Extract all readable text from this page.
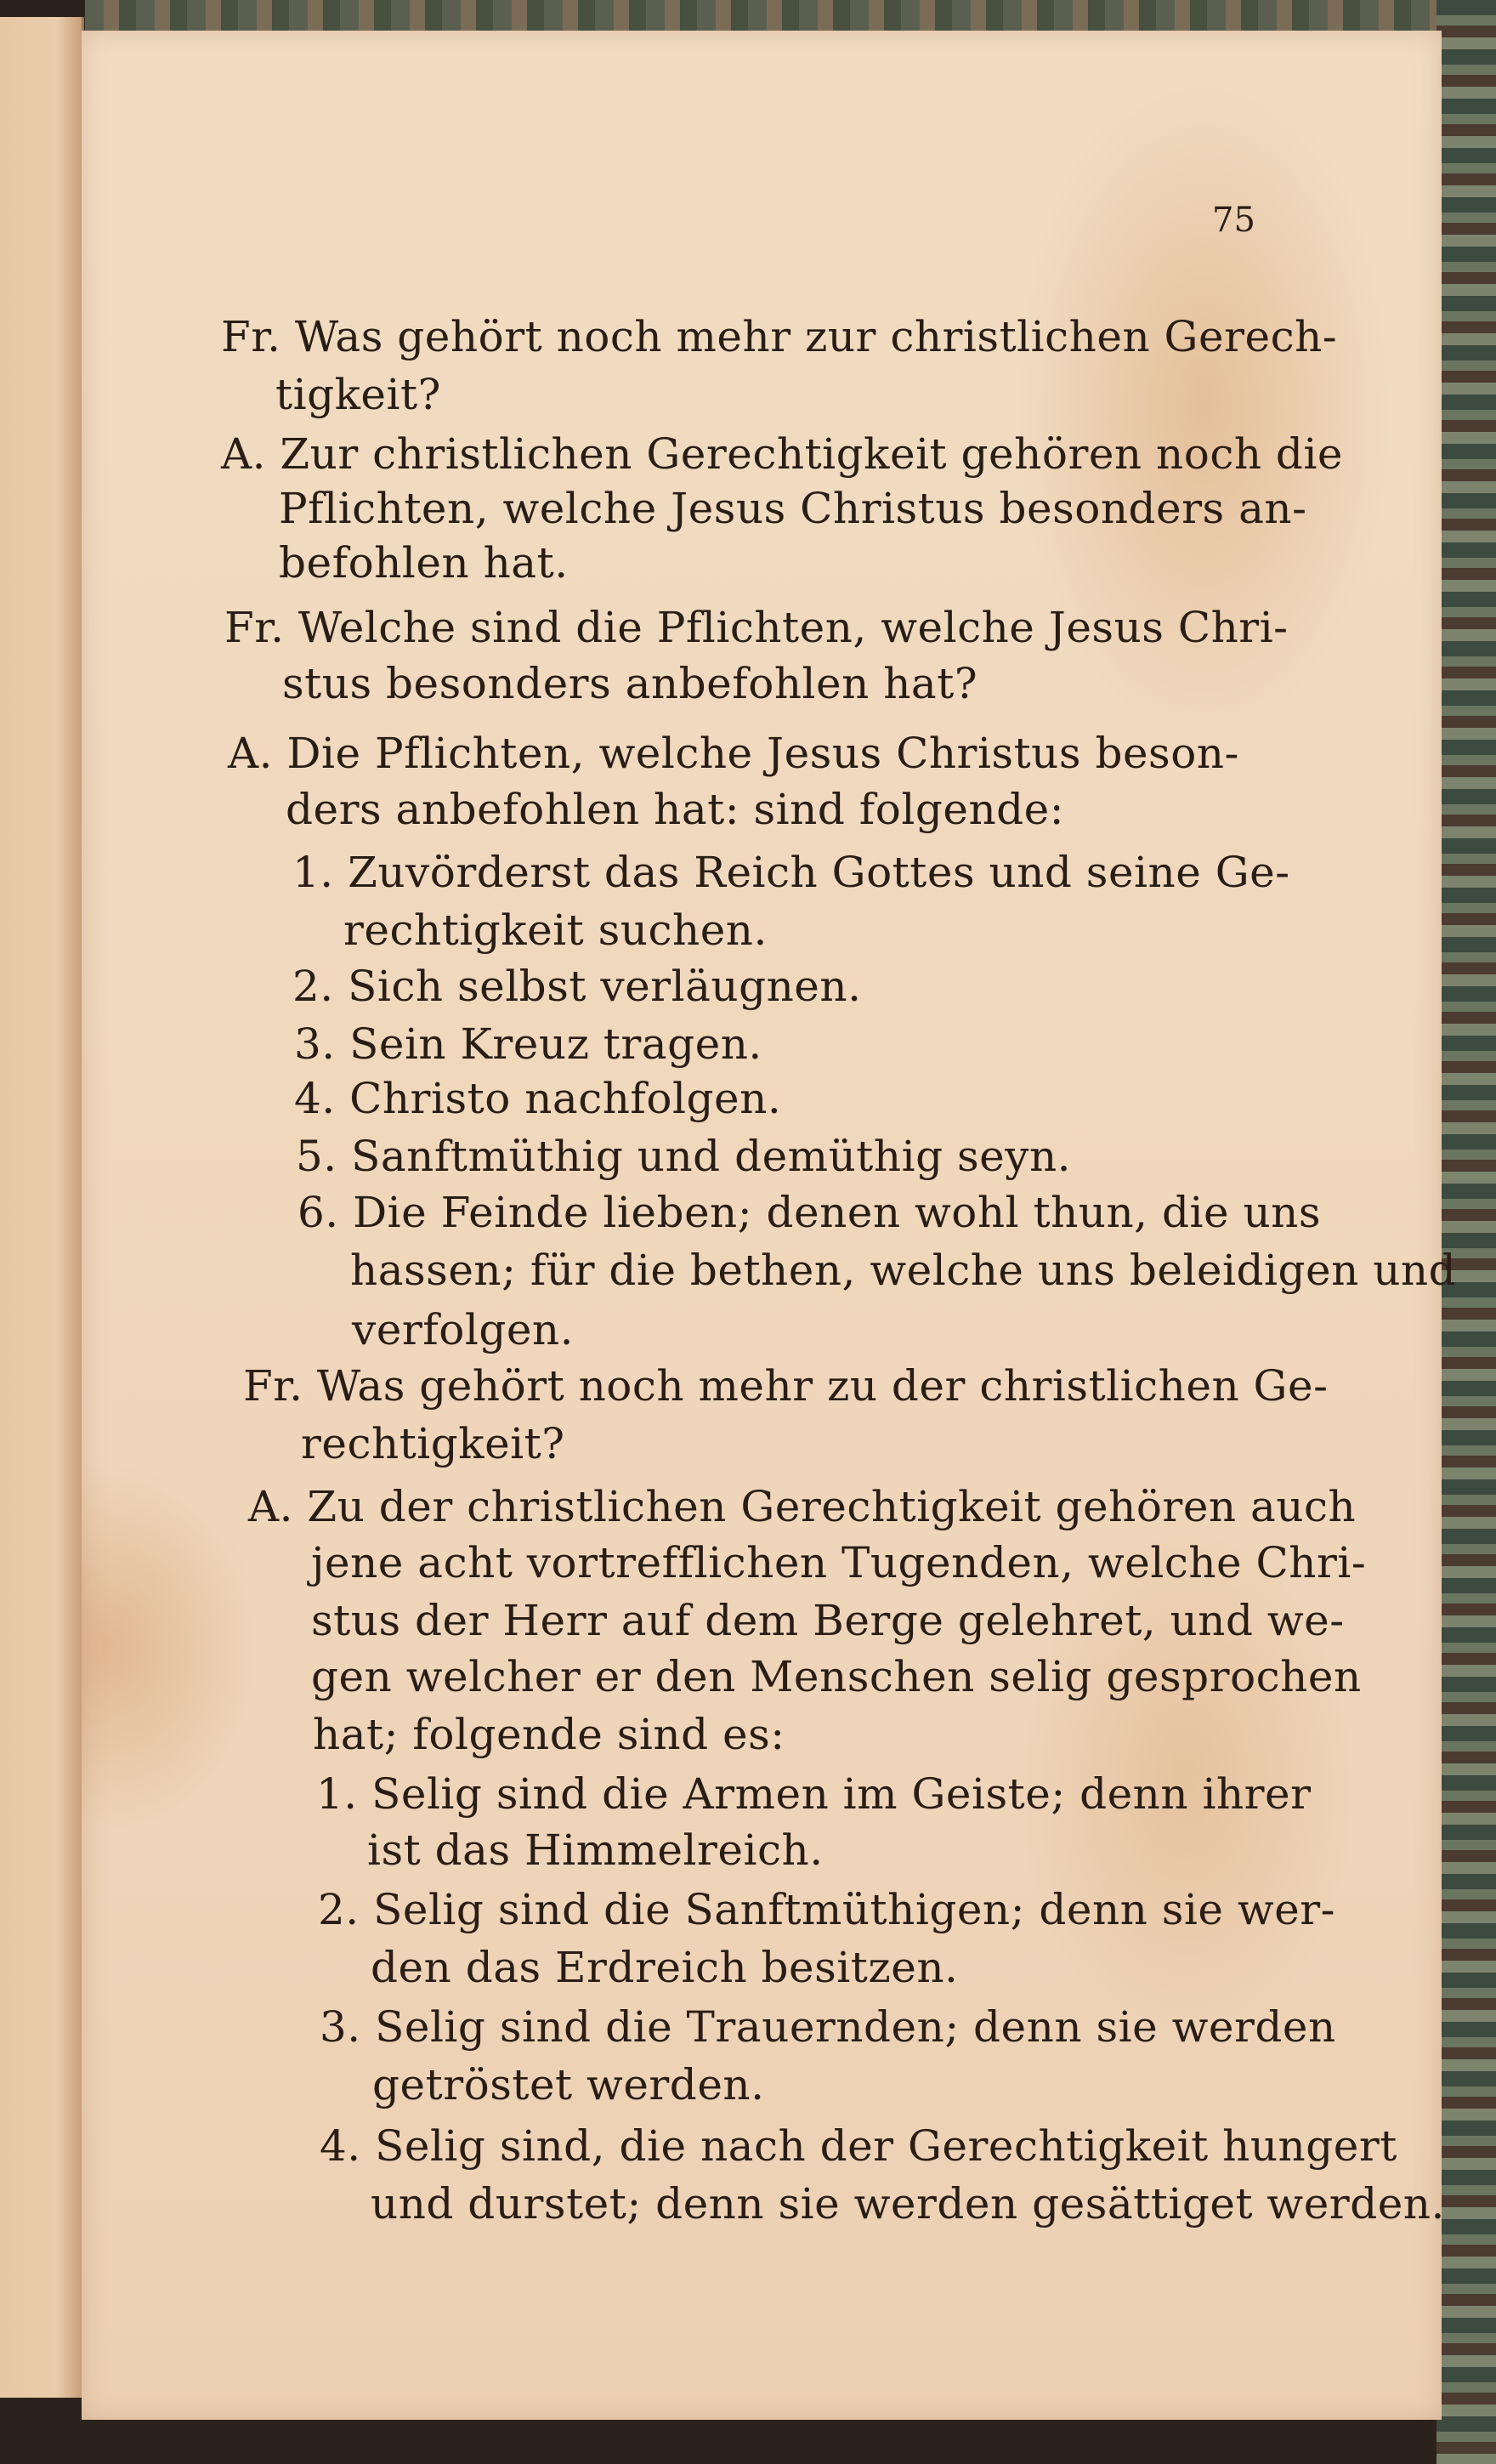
75
Fr. Was gehört noch mehr zur christlichen Gerech-
tigkeit?
A. Zur christlichen Gerechtigkeit gehören noch die
Pflichten, welche Jesus Christus besonders an-
befohlen hat.
Fr. Welche sind die Pflichten, welche Jesus Chri-
stus besonders anbefohlen hat?
A. Die Pflichten, welche Jesus Christus beson-
ders anbefohlen hat: sind folgende:
1. Zuvörderst das Reich Gottes und seine Ge-
rechtigkeit suchen.
2. Sich selbst verläugnen.
3. Sein Kreuz tragen.
4. Christo nachfolgen.
5. Sanftmüthig und demüthig seyn.
6. Die Feinde lieben; denen wohl thun, die uns
hassen; für die bethen, welche uns beleidigen und
verfolgen.
Fr. Was gehört noch mehr zu der christlichen Ge-
rechtigkeit?
A. Zu der christlichen Gerechtigkeit gehören auch
jene acht vortrefflichen Tugenden, welche Chri-
stus der Herr auf dem Berge gelehret, und we-
gen welcher er den Menschen selig gesprochen
hat; folgende sind es:
1. Selig sind die Armen im Geiste; denn ihrer
ist das Himmelreich.
2. Selig sind die Sanftmüthigen; denn sie wer-
den das Erdreich besitzen.
3. Selig sind die Trauernden; denn sie werden
getröstet werden.
4. Selig sind, die nach der Gerechtigkeit hungert
und durstet; denn sie werden gesättiget werden.
